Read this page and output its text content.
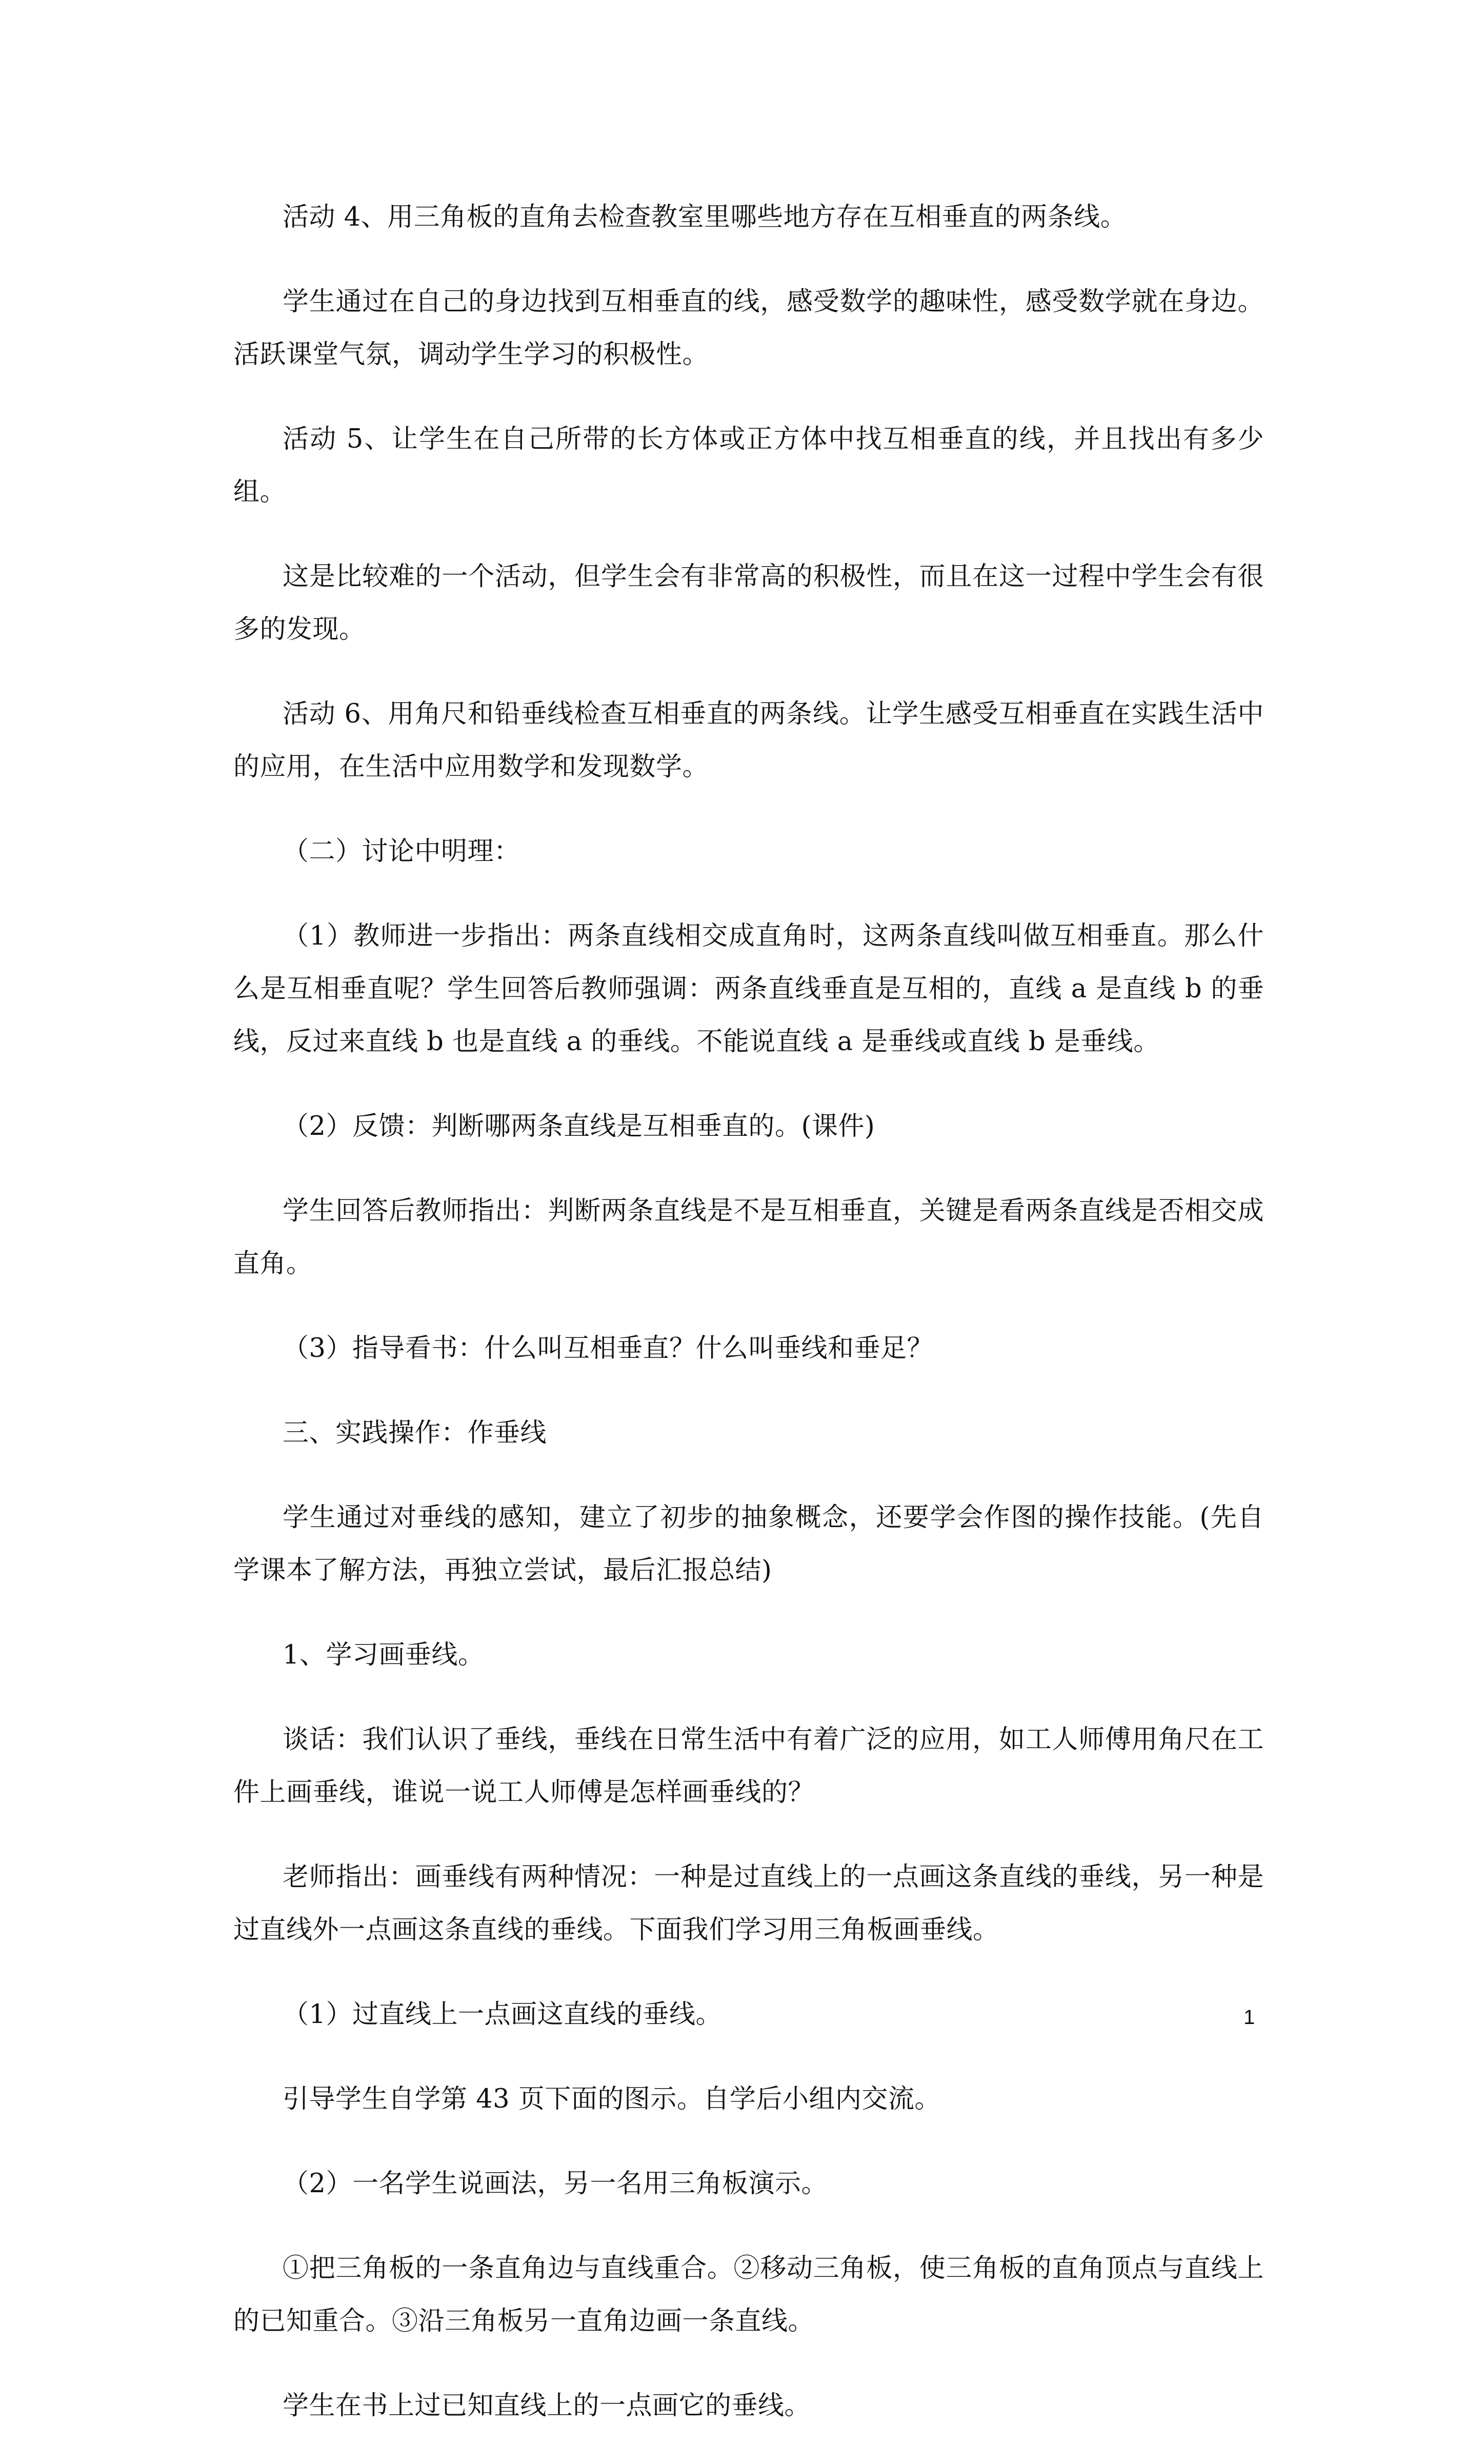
活动 4、用三角板的直角去检查教室里哪些地方存在互相垂直的两条线。

学生通过在自己的身边找到互相垂直的线，感受数学的趣味性，感受数学就在身边。活跃课堂气氛，调动学生学习的积极性。

活动 5、让学生在自己所带的长方体或正方体中找互相垂直的线，并且找出有多少组。

这是比较难的一个活动，但学生会有非常高的积极性，而且在这一过程中学生会有很多的发现。

活动 6、用角尺和铅垂线检查互相垂直的两条线。让学生感受互相垂直在实践生活中的应用，在生活中应用数学和发现数学。

（二）讨论中明理：

（1）教师进一步指出：两条直线相交成直角时，这两条直线叫做互相垂直。那么什么是互相垂直呢？学生回答后教师强调：两条直线垂直是互相的，直线 a 是直线 b 的垂线，反过来直线 b 也是直线 a 的垂线。不能说直线 a 是垂线或直线 b 是垂线。

（2）反馈：判断哪两条直线是互相垂直的。(课件)

学生回答后教师指出：判断两条直线是不是互相垂直，关键是看两条直线是否相交成直角。

（3）指导看书：什么叫互相垂直？什么叫垂线和垂足？

三、实践操作：作垂线

学生通过对垂线的感知，建立了初步的抽象概念，还要学会作图的操作技能。(先自学课本了解方法，再独立尝试，最后汇报总结)

1、学习画垂线。

谈话：我们认识了垂线，垂线在日常生活中有着广泛的应用，如工人师傅用角尺在工件上画垂线，谁说一说工人师傅是怎样画垂线的？

老师指出：画垂线有两种情况：一种是过直线上的一点画这条直线的垂线，另一种是过直线外一点画这条直线的垂线。下面我们学习用三角板画垂线。

（1）过直线上一点画这直线的垂线。

引导学生自学第 43 页下面的图示。自学后小组内交流。

（2）一名学生说画法，另一名用三角板演示。

①把三角板的一条直角边与直线重合。②移动三角板，使三角板的直角顶点与直线上的已知重合。③沿三角板另一直角边画一条直线。

学生在书上过已知直线上的一点画它的垂线。

1
